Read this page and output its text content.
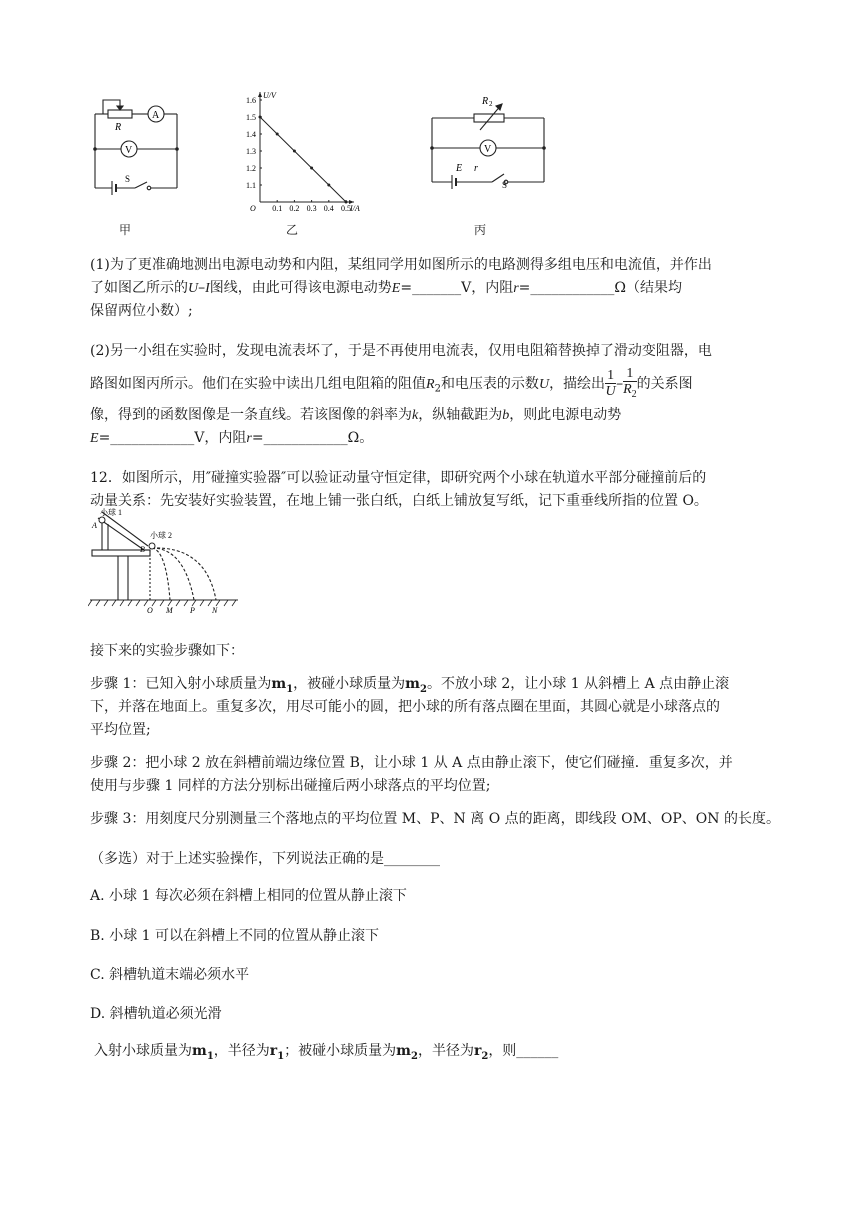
R
A
V
S
甲
0.1 0.2 0.3 0.4 0.5
1.1
1.2
1.3
1.4
1.5
1.6
O	I/A
U/V
乙
R 2
V
E r
S
丙
(1)为了更准确地测出电源电动势和内阻，某组同学用如图所示的电路测得多组电压和电流值，并作出
了如图乙所示的U–I图线，由此可得该电源电动势E=_______V，内阻r=____________Ω（结果均
保留两位小数）;
(2)另一小组在实验时，发现电流表坏了，于是不再使用电流表，仅用电阻箱替换掉了滑动变阻器，电
路图如图丙所示。他们在实验中读出几组电阻箱的阻值$R_2$和电压表的示数U，描绘出 $\frac{1}{U} - \frac{1}{R_2}$ 的关系图
像，得到的函数图像是一条直线。若该图像的斜率为k，纵轴截距为b，则此电源电动势
E=____________V，内阻r=____________Ω。
12．如图所示，用″碰撞实验器″可以验证动量守恒定律，即研究两个小球在轨道水平部分碰撞前后的
动量关系：先安装好实验装置，在地上铺一张白纸，白纸上铺放复写纸，记下重垂线所指的位置 O。
小球 1
A
小球 2
B
O M P N
接下来的实验步骤如下：
步骤 1：已知入射小球质量为$m_1$，被碰小球质量为$m_2$。不放小球 2，让小球 1 从斜槽上 A 点由静止滚
下，并落在地面上。重复多次，用尽可能小的圆，把小球的所有落点圈在里面，其圆心就是小球落点的
平均位置;
步骤 2：把小球 2 放在斜槽前端边缘位置 B，让小球 1 从 A 点由静止滚下，使它们碰撞．重复多次，并
使用与步骤 1 同样的方法分别标出碰撞后两小球落点的平均位置;
步骤 3：用刻度尺分别测量三个落地点的平均位置 M、P、N 离 O 点的距离，即线段 OM、OP、ON 的长度。
（多选）对于上述实验操作，下列说法正确的是________
A. 小球 1 每次必须在斜槽上相同的位置从静止滚下
B. 小球 1 可以在斜槽上不同的位置从静止滚下
C. 斜槽轨道末端必须水平
D. 斜槽轨道必须光滑
入射小球质量为$m_1$，半径为$r_1$；被碰小球质量为$m_2$，半径为$r_2$，则______
